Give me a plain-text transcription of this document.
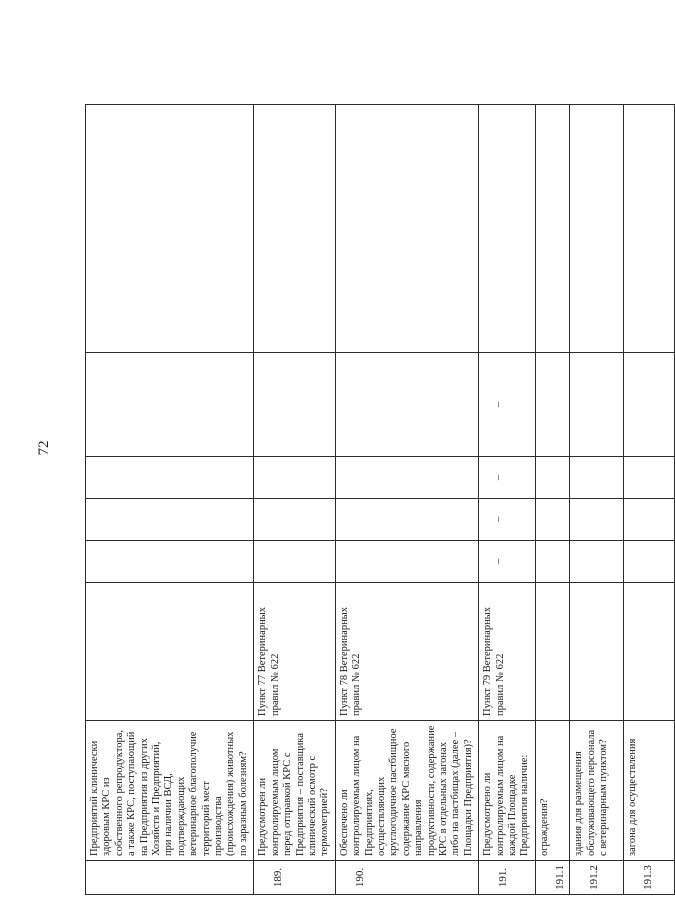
72

	Предприятий клинически здоровым КРС из собственного репродуктора, а также КРС, поступающий на Предприятия из других Хозяйств и Предприятий, при наличии ВСД, подтверждающих ветеринарное благополучие территорий мест производства (происхождения) животных по заразным болезням?						

189.	Предусмотрен ли контролируемым лицом перед отправкой КРС с Предприятия – поставщика клинический осмотр с термометрией?	Пункт 77 Ветеринарных правил № 622					
190.	Обеспечено ли контролируемым лицом на Предприятиях, осуществляющих круглогодичное пастбищное содержание КРС мясного направления продуктивности, содержание КРС в отдельных загонах либо на пастбищах (далее – Площадки Предприятия)?	Пункт 78 Ветеринарных правил № 622					
191.	Предусмотрено ли контролируемым лицом на каждой Площадке Предприятия наличие:	Пункт 79 Ветеринарных правил № 622	–	–	–	–	
191.1	ограждения?						

191.2	здания для размещения обслуживающего персонала с ветеринарным пунктом?						

191.3	загона для осуществления						
